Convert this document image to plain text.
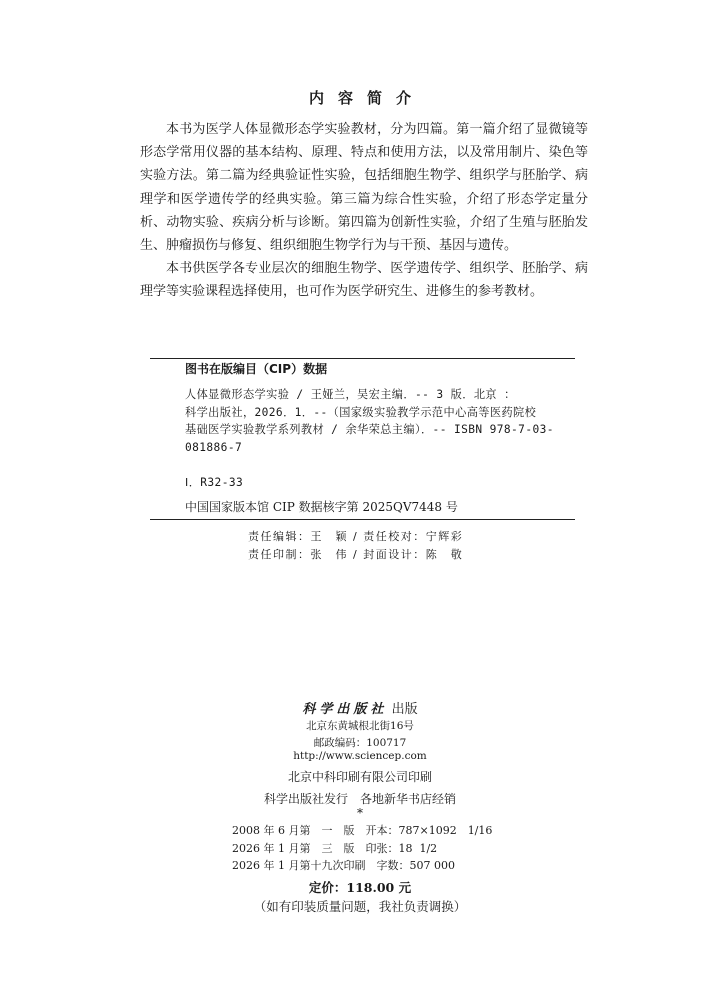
内容简介

本书为医学人体显微形态学实验教材，分为四篇。第一篇介绍了显微镜等形态学常用仪器的基本结构、原理、特点和使用方法，以及常用制片、染色等实验方法。第二篇为经典验证性实验，包括细胞生物学、组织学与胚胎学、病理学和医学遗传学的经典实验。第三篇为综合性实验，介绍了形态学定量分析、动物实验、疾病分析与诊断。第四篇为创新性实验，介绍了生殖与胚胎发生、肿瘤损伤与修复、组织细胞生物学行为与干预、基因与遗传。

本书供医学各专业层次的细胞生物学、医学遗传学、组织学、胚胎学、病理学等实验课程选择使用，也可作为医学研究生、进修生的参考教材。

图书在版编目（CIP）数据
人体显微形态学实验 / 王娅兰，吴宏主编．-- 3 版．北京 ：
科学出版社，2026．1．--（国家级实验教学示范中心高等医药院校
基础医学实验教学系列教材 / 余华荣总主编）．-- ISBN 978-7-03-
081886-7
Ⅰ．R32-33
中国国家版本馆 CIP 数据核字第 2025QV7448 号
责任编辑：王　颖 / 责任校对：宁辉彩
责任印制：张　伟 / 封面设计：陈　敬
科学出版社 出版
北京东黄城根北街16号
邮政编码：100717
http://www.sciencep.com
北京中科印刷有限公司印刷
科学出版社发行　各地新华书店经销
*
2008 年 6 月第　一　版　开本：787×1092　1/16
2026 年 1 月第　三　版　印张：18  1/2
2026 年 1 月第十九次印刷　字数：507 000
定价：118.00 元
（如有印装质量问题，我社负责调换）
